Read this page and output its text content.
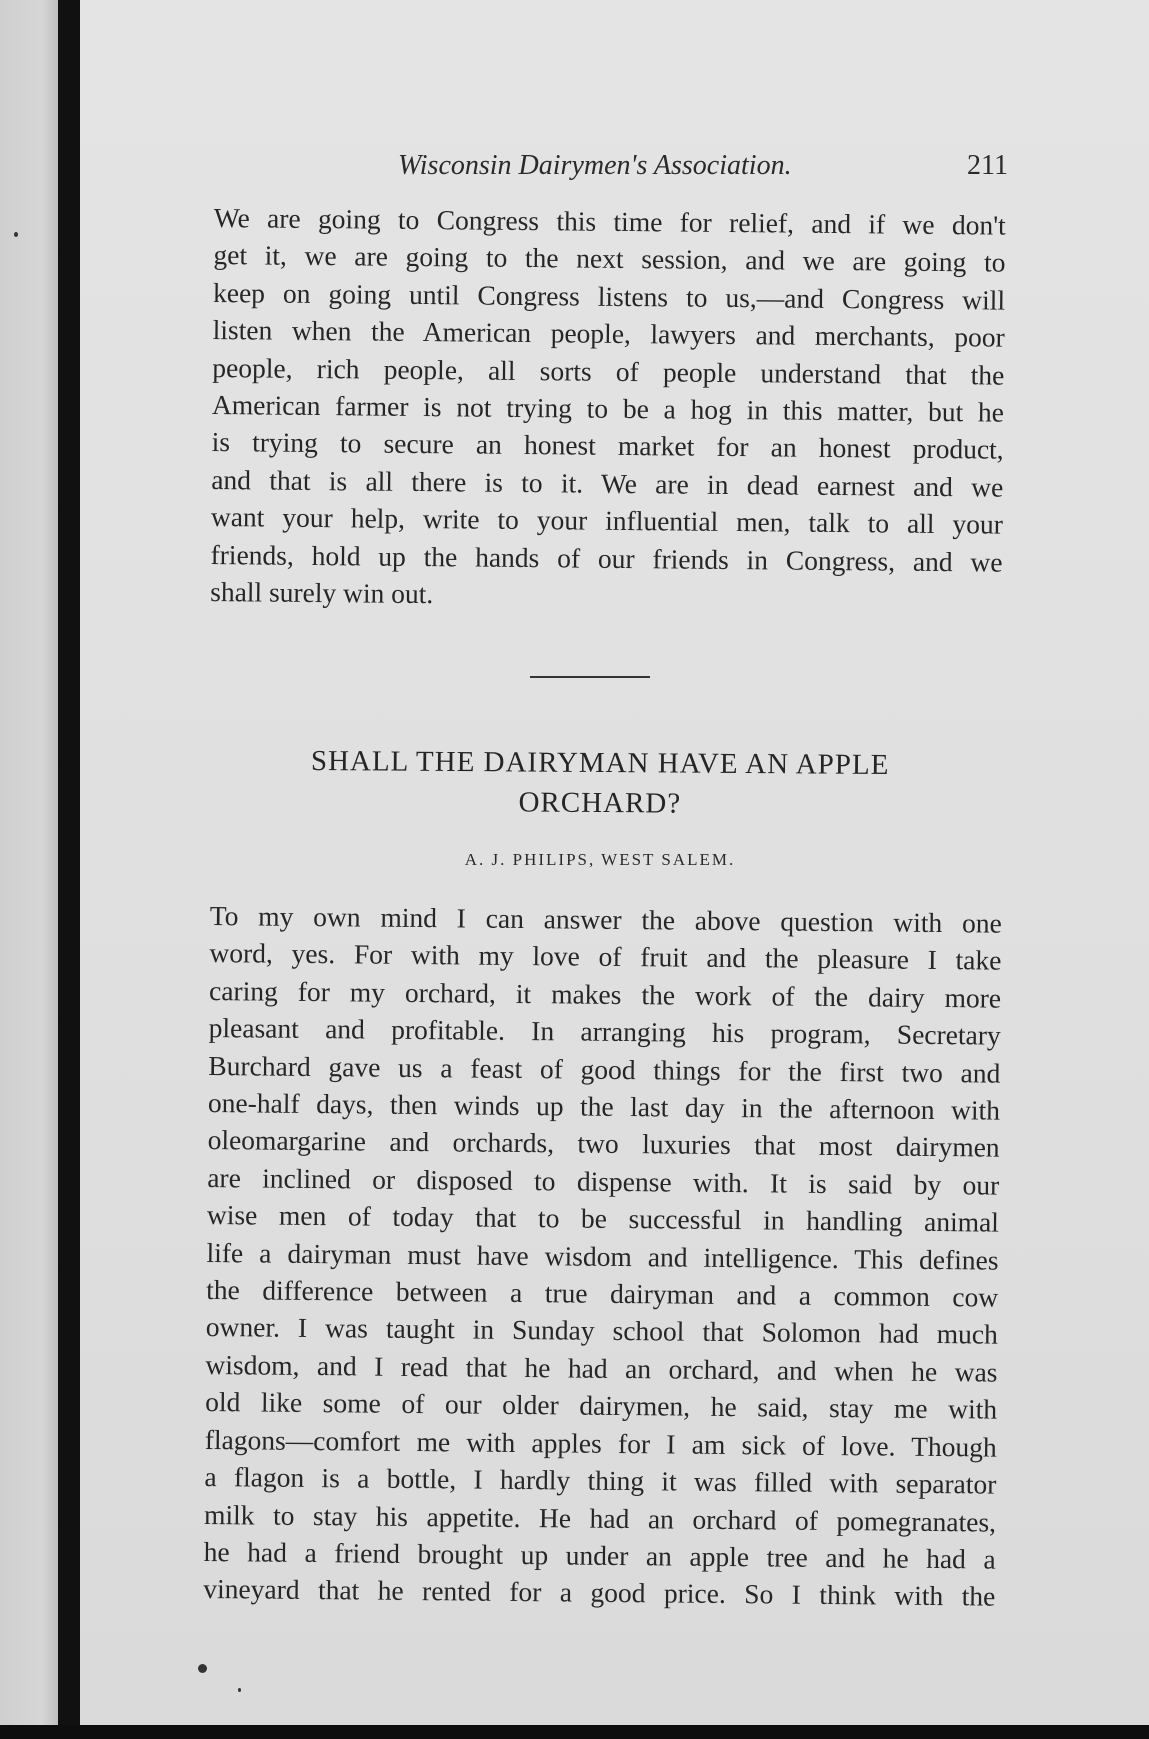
Wisconsin Dairymen's Association.	211
We are going to Congress this time for relief, and if we don't
get it, we are going to the next session, and we are going to
keep on going until Congress listens to us,—and Congress will
listen when the American people, lawyers and merchants, poor
people, rich people, all sorts of people understand that the
American farmer is not trying to be a hog in this matter, but he
is trying to secure an honest market for an honest product,
and that is all there is to it. We are in dead earnest and we
want your help, write to your influential men, talk to all your
friends, hold up the hands of our friends in Congress, and we
shall surely win out.
SHALL THE DAIRYMAN HAVE AN APPLE
ORCHARD?
A. J. PHILIPS, WEST SALEM.
To my own mind I can answer the above question with one
word, yes. For with my love of fruit and the pleasure I take
caring for my orchard, it makes the work of the dairy more
pleasant and profitable. In arranging his program, Secretary
Burchard gave us a feast of good things for the first two and
one-half days, then winds up the last day in the afternoon with
oleomargarine and orchards, two luxuries that most dairymen
are inclined or disposed to dispense with. It is said by our
wise men of today that to be successful in handling animal
life a dairyman must have wisdom and intelligence. This defines
the difference between a true dairyman and a common cow
owner. I was taught in Sunday school that Solomon had much
wisdom, and I read that he had an orchard, and when he was
old like some of our older dairymen, he said, stay me with
flagons—comfort me with apples for I am sick of love. Though
a flagon is a bottle, I hardly thing it was filled with separator
milk to stay his appetite. He had an orchard of pomegranates,
he had a friend brought up under an apple tree and he had a
vineyard that he rented for a good price. So I think with the
